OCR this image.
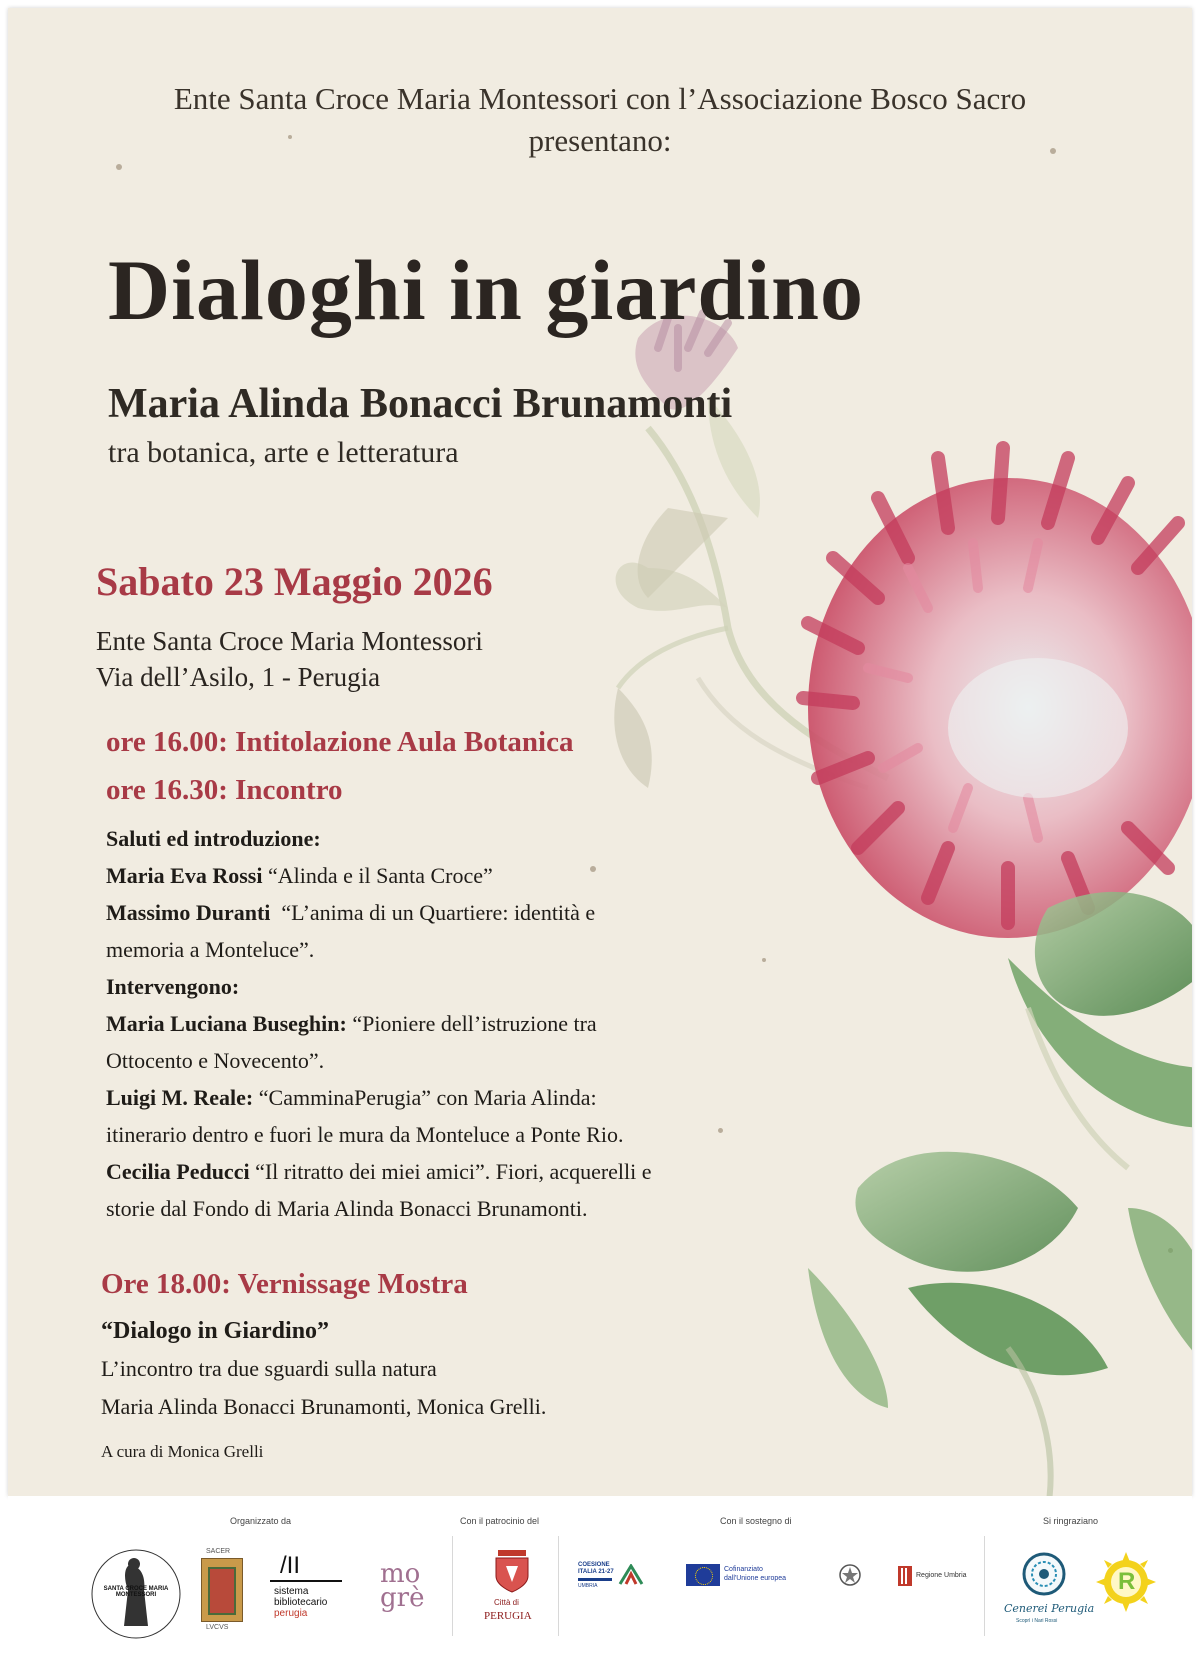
Ente Santa Croce Maria Montessori con l’Associazione Bosco Sacro
presentano:
Dialoghi in giardino
Maria Alinda Bonacci Brunamonti
tra botanica, arte e letteratura
Sabato 23 Maggio 2026
Ente Santa Croce Maria Montessori
Via dell’Asilo, 1 - Perugia
ore 16.00: Intitolazione Aula Botanica
ore 16.30: Incontro
Saluti ed introduzione:
Maria Eva Rossi “Alinda e il Santa Croce”
Massimo Duranti  “L’anima di un Quartiere: identità e
memoria a Monteluce”.
Intervengono:
Maria Luciana Buseghin: “Pioniere dell’istruzione tra
Ottocento e Novecento”.
Luigi M. Reale: “CamminaPerugia” con Maria Alinda:
itinerario dentro e fuori le mura da Monteluce a Ponte Rio.
Cecilia Peducci “Il ritratto dei miei amici”. Fiori, acquerelli e
storie dal Fondo di Maria Alinda Bonacci Brunamonti.
Ore 18.00: Vernissage Mostra
“Dialogo in Giardino”
L’incontro tra due sguardi sulla natura
Maria Alinda Bonacci Brunamonti, Monica Grelli.
A cura di Monica Grelli
Organizzato da	Con il patrocinio del	Con il sostegno di	Si ringraziano
SANTA CROCE MARIA MONTESSORI
SACER
LVCVS
/II
sistema
bibliotecario
perugia
mo grè	Città di
PERUGIA
COESIONE
ITALIA 21-27
UMBRIA
Cofinanziato
dall'Unione europea	Regione Umbria
Cenerei Perugia
Scoprì i Nari Rossi
R
